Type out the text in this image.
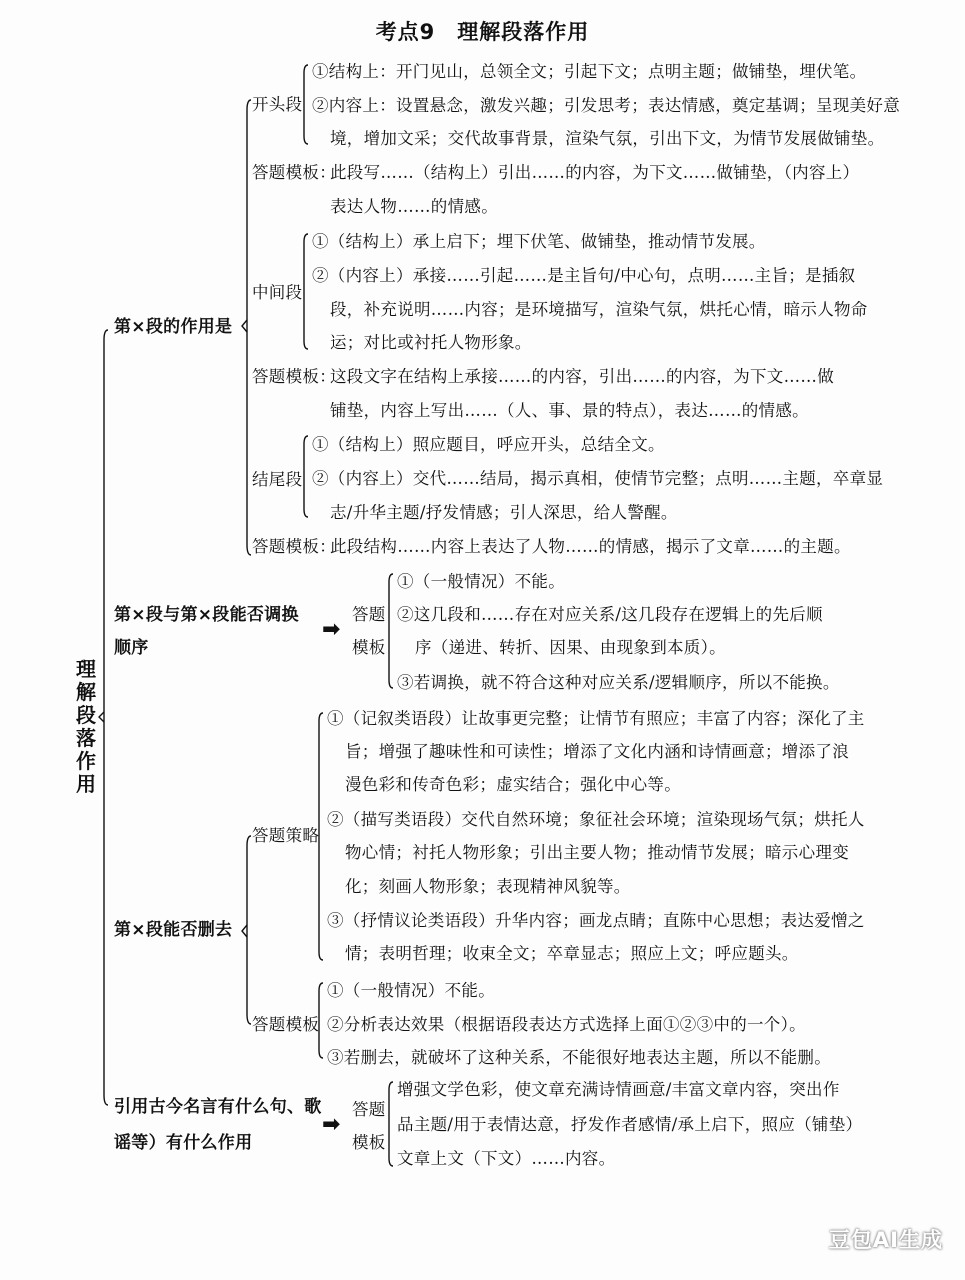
考点9　理解段落作用
理解段落作用
第×段的作用是
开头段
①结构上：开门见山，总领全文；引起下文；点明主题；做铺垫，埋伏笔。
②内容上：设置悬念，激发兴趣；引发思考；表达情感，奠定基调；呈现美好意
境，增加文采；交代故事背景，渲染气氛，引出下文，为情节发展做铺垫。
答题模板：
此段写……（结构上）引出……的内容，为下文……做铺垫，（内容上）
表达人物……的情感。
中间段
①（结构上）承上启下；埋下伏笔、做铺垫，推动情节发展。
②（内容上）承接……引起……是主旨句/中心句，点明……主旨；是插叙
段，补充说明……内容；是环境描写，渲染气氛，烘托心情，暗示人物命
运；对比或衬托人物形象。
答题模板：
这段文字在结构上承接……的内容，引出……的内容，为下文……做
铺垫，内容上写出……（人、事、景的特点），表达……的情感。
结尾段
①（结构上）照应题目，呼应开头，总结全文。
②（内容上）交代……结局，揭示真相，使情节完整；点明……主题，卒章显
志/升华主题/抒发情感；引人深思，给人警醒。
答题模板：
此段结构……内容上表达了人物……的情感，揭示了文章……的主题。
第×段与第×段能否调换
顺序
➡
答题
模板
①（一般情况）不能。
②这几段和……存在对应关系/这几段存在逻辑上的先后顺
序（递进、转折、因果、由现象到本质）。
③若调换，就不符合这种对应关系/逻辑顺序，所以不能换。
第×段能否删去
答题策略
①（记叙类语段）让故事更完整；让情节有照应；丰富了内容；深化了主
旨；增强了趣味性和可读性；增添了文化内涵和诗情画意；增添了浪
漫色彩和传奇色彩；虚实结合；强化中心等。
②（描写类语段）交代自然环境；象征社会环境；渲染现场气氛；烘托人
物心情；衬托人物形象；引出主要人物；推动情节发展；暗示心理变
化；刻画人物形象；表现精神风貌等。
③（抒情议论类语段）升华内容；画龙点睛；直陈中心思想；表达爱憎之
情；表明哲理；收束全文；卒章显志；照应上文；呼应题头。
答题模板
①（一般情况）不能。
②分析表达效果（根据语段表达方式选择上面①②③中的一个）。
③若删去，就破坏了这种关系，不能很好地表达主题，所以不能删。
引用古今名言有什么句、歌
谣等）有什么作用
➡
答题
模板
增强文学色彩，使文章充满诗情画意/丰富文章内容，突出作
品主题/用于表情达意，抒发作者感情/承上启下，照应（铺垫）
文章上文（下文）……内容。
豆包AI生成
